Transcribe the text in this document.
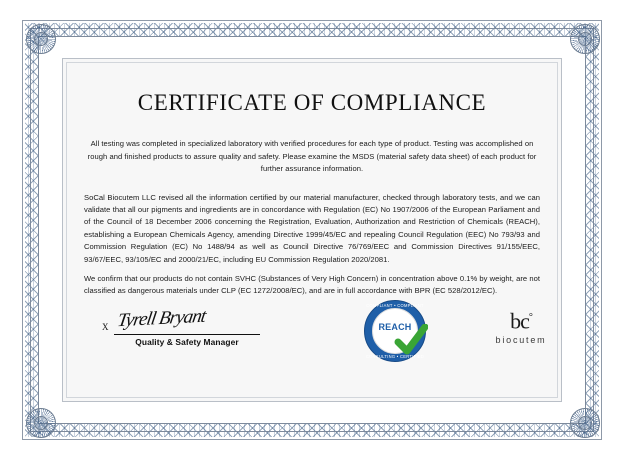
CERTIFICATE OF COMPLIANCE
All testing was completed in specialized laboratory with verified procedures for each type of product. Testing was accomplished on rough and finished products to assure quality and safety. Please examine the MSDS (material safety data sheet) of each product for further assurance information.

SoCal Biocutem LLC revised all the information certified by our material manufacturer, checked through laboratory tests, and we can validate that all our pigments and ingredients are in concordance with Regulation (EC) No 1907/2006 of the European Parliament and of the Council of 18 December 2006 concerning the Registration, Evaluation, Authorization and Restriction of Chemicals (REACH), establishing a European Chemicals Agency, amending Directive 1999/45/EC and repealing Council Regulation (EEC) No 793/93 and Commission Regulation (EC) No 1488/94 as well as Council Directive 76/769/EEC and Commission Directives 91/155/EEC, 93/67/EEC, 93/105/EC and 2000/21/EC, including EU Commission Regulation 2020/2081.

We confirm that our products do not contain SVHC (Substances of Very High Concern) in concentration above 0.1% by weight, are not classified as dangerous materials under CLP (EC 1272/2008/EC), and are in full accordance with BPR (EC 528/2012/EC).

X Tyrell Bryant
Quality & Safety Manager
COMPLIANT • COMPLIANT
REACH
CONSULTING • CERTIFIED
bc°
biocutem
